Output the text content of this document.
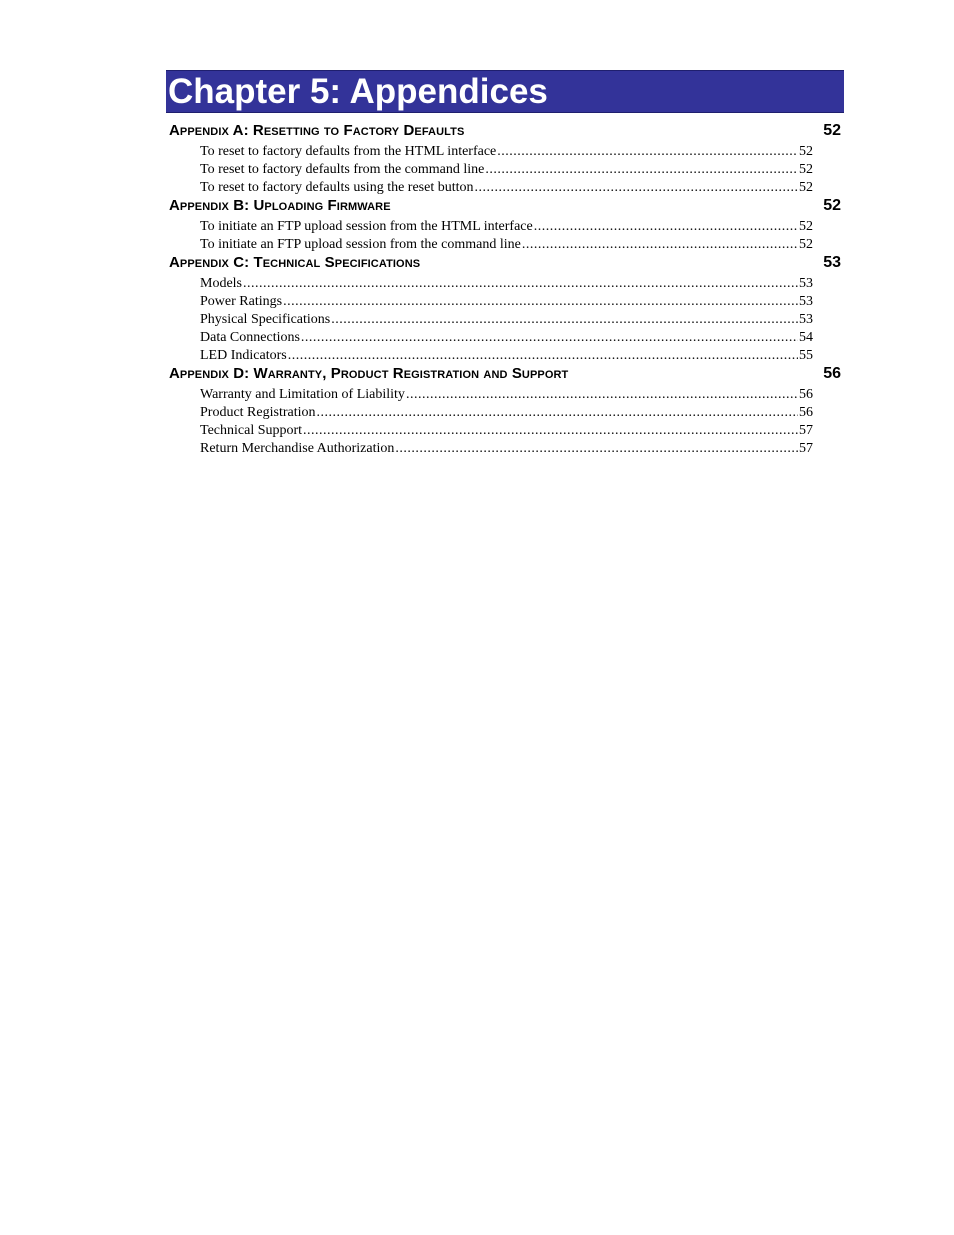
Chapter 5: Appendices
Appendix A: Resetting to Factory Defaults	52
To reset to factory defaults from the HTML interface .....	52
To reset to factory defaults from the command line .....	52
To reset to factory defaults using the reset button .....	52
Appendix B: Uploading Firmware	52
To initiate an FTP upload session from the HTML interface .....	52
To initiate an FTP upload session from the command line .....	52
Appendix C: Technical Specifications	53
Models .....	53
Power Ratings .....	53
Physical Specifications .....	53
Data Connections .....	54
LED Indicators .....	55
Appendix D: Warranty, Product Registration and Support	56
Warranty and Limitation of Liability .....	56
Product Registration .....	56
Technical Support .....	57
Return Merchandise Authorization .....	57
